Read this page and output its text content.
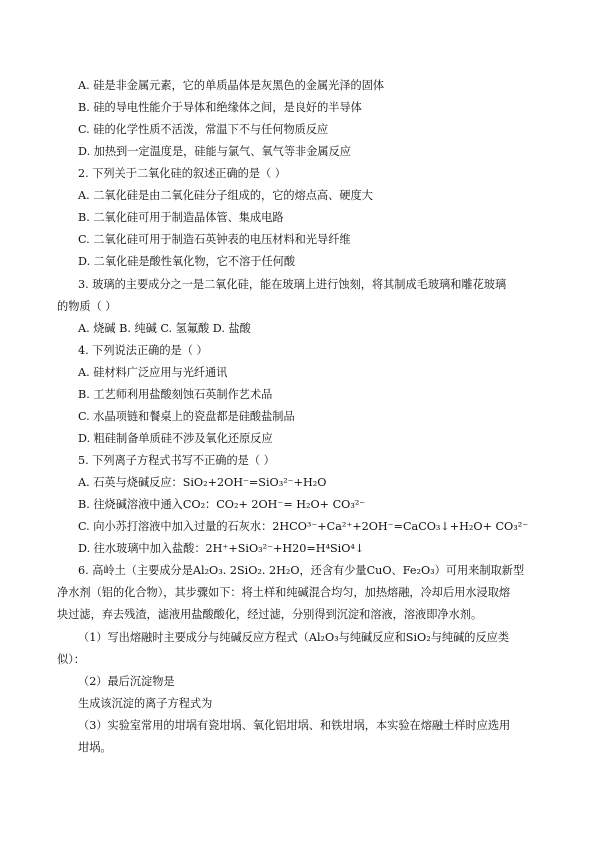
A. 硅是非金属元素，它的单质晶体是灰黑色的金属光泽的固体
B. 硅的导电性能介于导体和绝缘体之间，是良好的半导体
C. 硅的化学性质不活泼，常温下不与任何物质反应
D. 加热到一定温度是，硅能与氯气、氧气等非金属反应
2. 下列关于二氧化硅的叙述正确的是（ ）
A. 二氧化硅是由二氧化硅分子组成的，它的熔点高、硬度大
B. 二氧化硅可用于制造晶体管、集成电路
C. 二氧化硅可用于制造石英钟表的电压材料和光导纤维
D. 二氧化硅是酸性氧化物，它不溶于任何酸
3. 玻璃的主要成分之一是二氧化硅，能在玻璃上进行蚀刻，将其制成毛玻璃和雕花玻璃
的物质（ ）
A. 烧碱 B. 纯碱 C. 氢氟酸 D. 盐酸
4. 下列说法正确的是（ ）
A. 硅材料广泛应用与光纤通讯
B. 工艺师利用盐酸刻蚀石英制作艺术品
C. 水晶项链和餐桌上的瓷盘都是硅酸盐制品
D. 粗硅制备单质硅不涉及氧化还原反应
5. 下列离子方程式书写不正确的是（ ）
A. 石英与烧碱反应：SiO₂+2OH⁻=SiO₃²⁻+H₂O
B. 往烧碱溶液中通入CO₂：CO₂+ 2OH⁻= H₂O+ CO₃²⁻
C. 向小苏打溶液中加入过量的石灰水：2HCO³⁻+Ca²⁺+2OH⁻=CaCO₃↓+H₂O+ CO₃²⁻
D. 往水玻璃中加入盐酸：2H⁺+SiO₃²⁻+H20=H⁴SiO⁴↓
6. 高岭土（主要成分是Al₂O₃. 2SiO₂. 2H₂O，还含有少量CuO、Fe₂O₃）可用来制取新型
净水剂（铝的化合物），其步骤如下：将土样和纯碱混合均匀，加热熔融，冷却后用水浸取熔
块过滤，弃去残渣，滤液用盐酸酸化，经过滤，分别得到沉淀和溶液，溶液即净水剂。
（1）写出熔融时主要成分与纯碱反应方程式（Al₂O₃与纯碱反应和SiO₂与纯碱的反应类
似）：
（2）最后沉淀物是
生成该沉淀的离子方程式为
（3）实验室常用的坩埚有瓷坩埚、氧化铝坩埚、和铁坩埚，本实验在熔融土样时应选用
坩埚。
